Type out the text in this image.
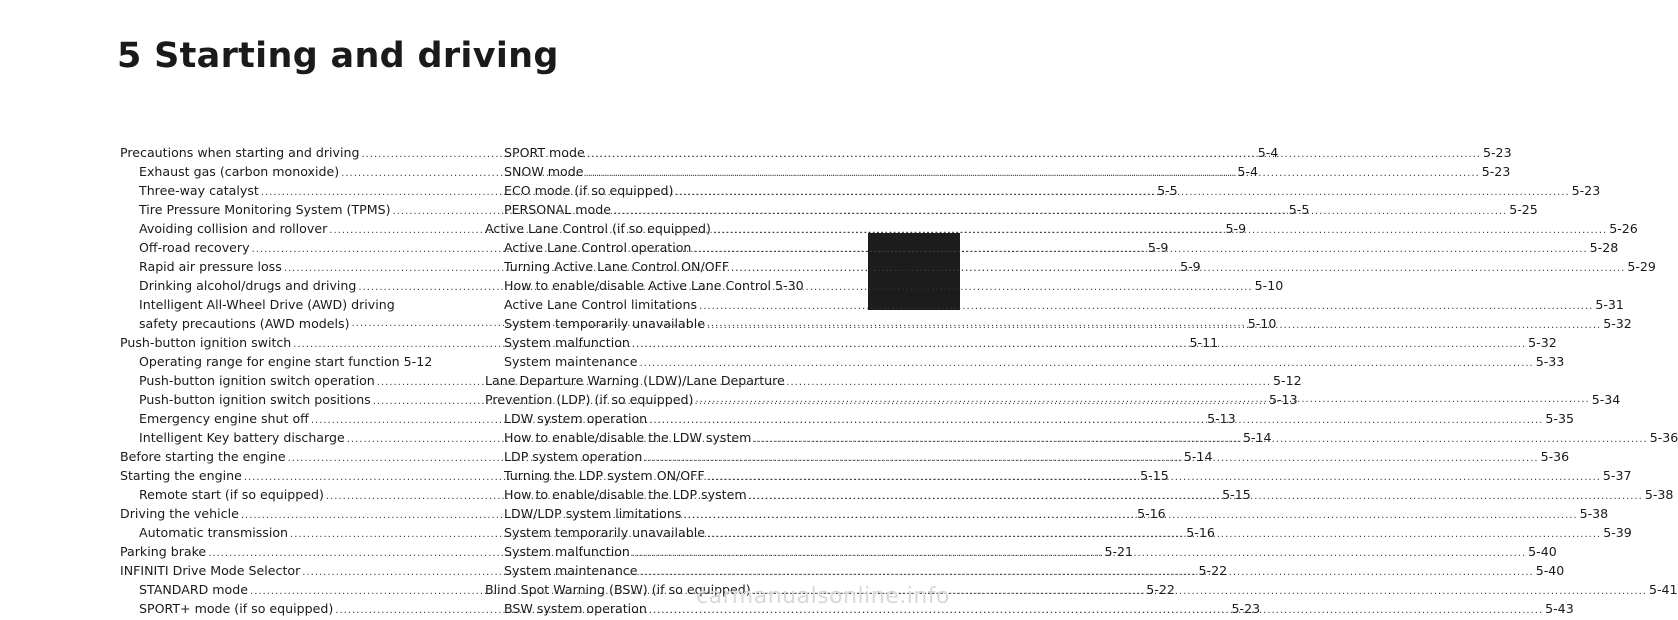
5 Starting and driving
Precautions when starting and driving .....	5-4
Exhaust gas (carbon monoxide) .....	5-4
Three-way catalyst .....	5-5
Tire Pressure Monitoring System (TPMS) .....	5-5
Avoiding collision and rollover .....	5-9
Off-road recovery .....	5-9
Rapid air pressure loss .....	5-9
Drinking alcohol/drugs and driving .....	5-10
Intelligent All-Wheel Drive (AWD) driving
safety precautions (AWD models) .....	5-10
Push-button ignition switch .....	5-11
Operating range for engine start function 5-12
Push-button ignition switch operation .....	5-12
Push-button ignition switch positions .....	5-13
Emergency engine shut off .....	5-13
Intelligent Key battery discharge .....	5-14
Before starting the engine .....	5-14
Starting the engine .....	5-15
Remote start (if so equipped) .....	5-15
Driving the vehicle .....	5-16
Automatic transmission .....	5-16
Parking brake .....	5-21
INFINITI Drive Mode Selector .....	5-22
STANDARD mode .....	5-22
SPORT+ mode (if so equipped) .....	5-23
SPORT mode .....	5-23
SNOW mode .....	5-23
ECO mode (if so equipped) .....	5-23
PERSONAL mode .....	5-25
Active Lane Control (if so equipped) .....	5-26
Active Lane Control operation .....	5-28
Turning Active Lane Control ON/OFF .....	5-29
How to enable/disable Active Lane Control 5-30
Active Lane Control limitations .....	5-31
System temporarily unavailable .....	5-32
System malfunction .....	5-32
System maintenance .....	5-33
Lane Departure Warning (LDW)/Lane Departure
Prevention (LDP) (if so equipped) .....	5-34
LDW system operation .....	5-35
How to enable/disable the LDW system .....	5-36
LDP system operation .....	5-36
Turning the LDP system ON/OFF .....	5-37
How to enable/disable the LDP system .....	5-38
LDW/LDP system limitations .....	5-38
System temporarily unavailable .....	5-39
System malfunction .....	5-40
System maintenance .....	5-40
Blind Spot Warning (BSW) (if so equipped) .....	5-41
BSW system operation .....	5-43
carmanualsonline.info
